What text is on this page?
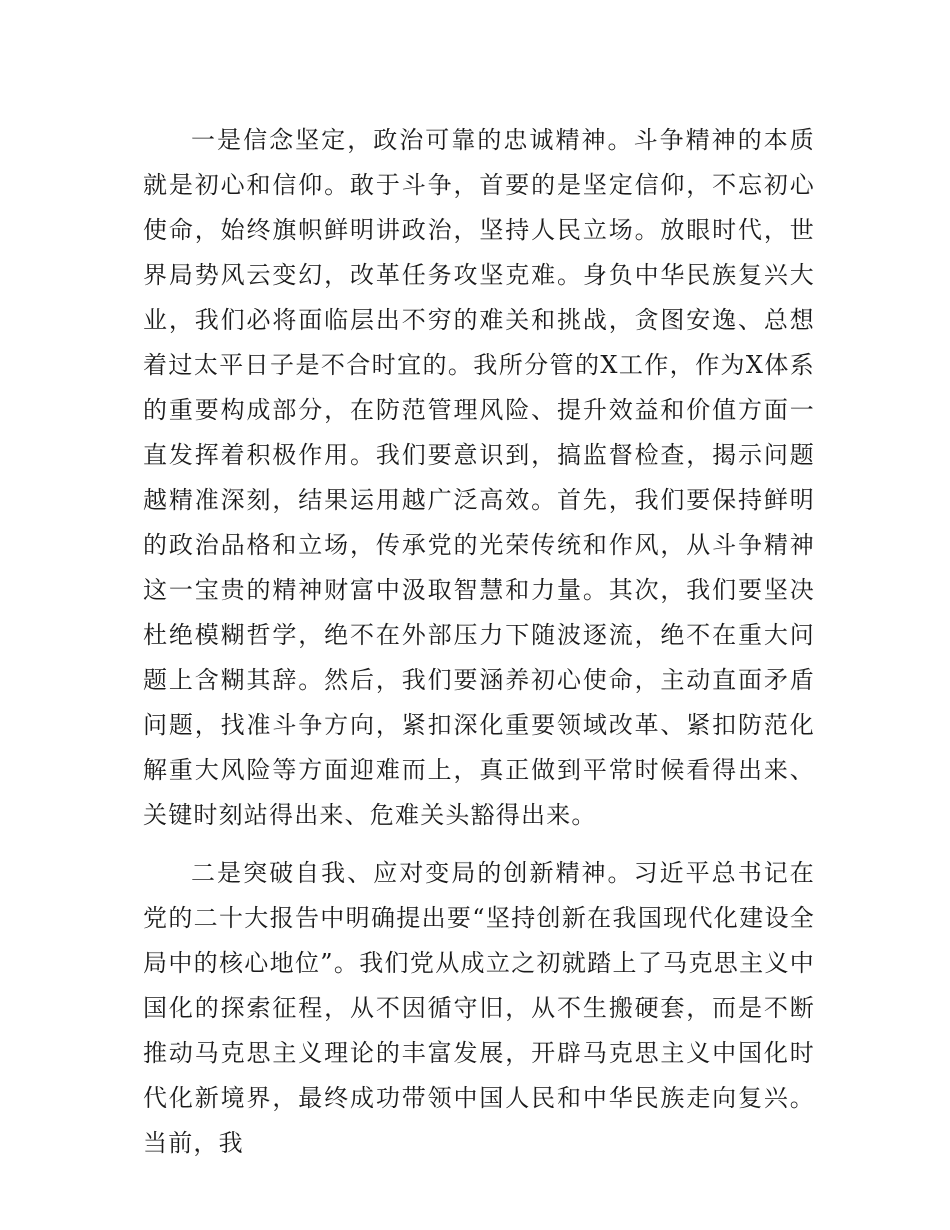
一是信念坚定，政治可靠的忠诚精神。斗争精神的本质就是初心和信仰。敢于斗争，首要的是坚定信仰，不忘初心使命，始终旗帜鲜明讲政治，坚持人民立场。放眼时代，世界局势风云变幻，改革任务攻坚克难。身负中华民族复兴大业，我们必将面临层出不穷的难关和挑战，贪图安逸、总想着过太平日子是不合时宜的。我所分管的X工作，作为X体系的重要构成部分，在防范管理风险、提升效益和价值方面一直发挥着积极作用。我们要意识到，搞监督检查，揭示问题越精准深刻，结果运用越广泛高效。首先，我们要保持鲜明的政治品格和立场，传承党的光荣传统和作风，从斗争精神这一宝贵的精神财富中汲取智慧和力量。其次，我们要坚决杜绝模糊哲学，绝不在外部压力下随波逐流，绝不在重大问题上含糊其辞。然后，我们要涵养初心使命，主动直面矛盾问题，找准斗争方向，紧扣深化重要领域改革、紧扣防范化解重大风险等方面迎难而上，真正做到平常时候看得出来、关键时刻站得出来、危难关头豁得出来。

二是突破自我、应对变局的创新精神。习近平总书记在党的二十大报告中明确提出要“坚持创新在我国现代化建设全局中的核心地位”。我们党从成立之初就踏上了马克思主义中国化的探索征程，从不因循守旧，从不生搬硬套，而是不断推动马克思主义理论的丰富发展，开辟马克思主义中国化时代化新境界，最终成功带领中国人民和中华民族走向复兴。当前，我
